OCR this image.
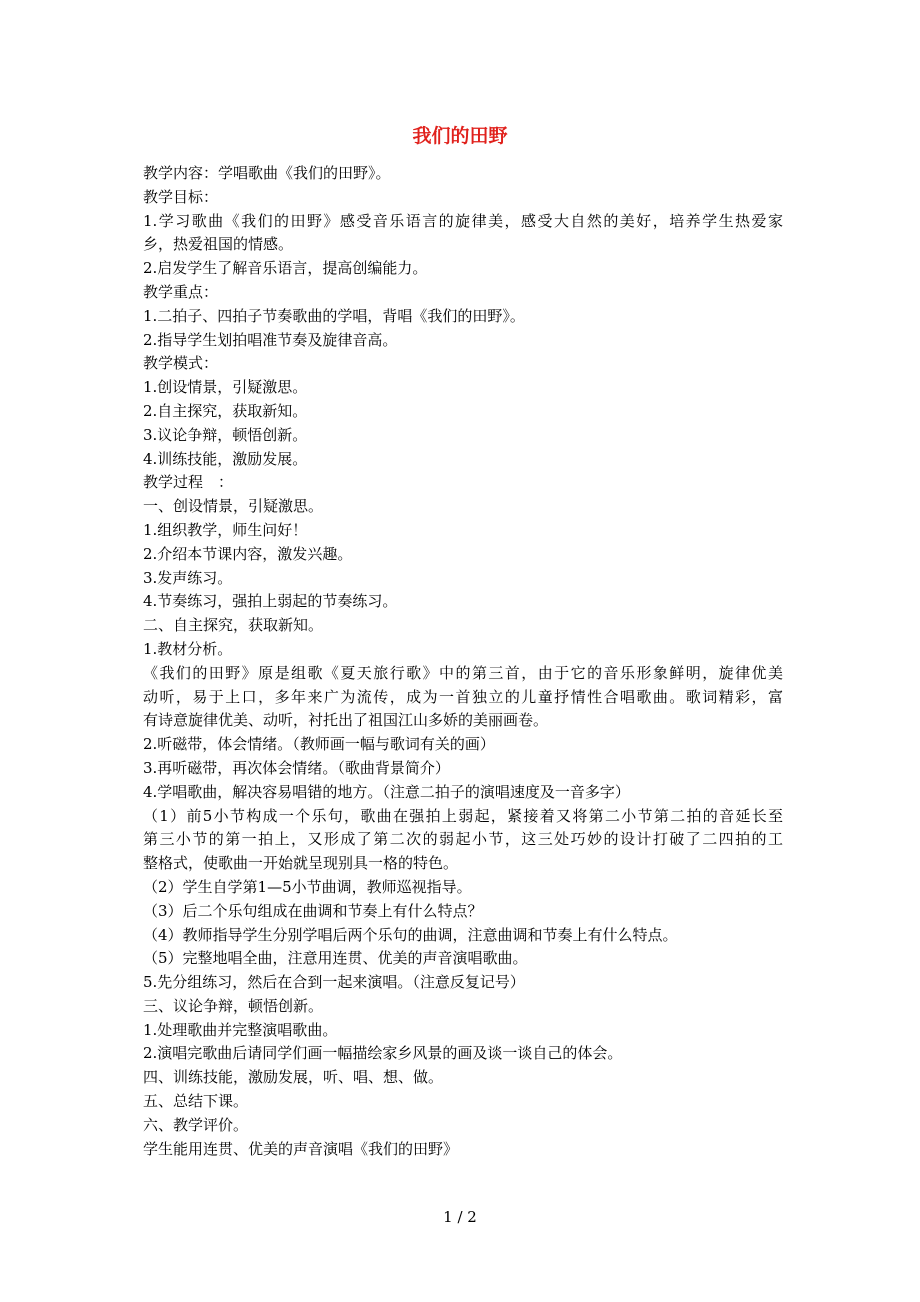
我们的田野

教学内容：学唱歌曲《我们的田野》。

教学目标：

1.学习歌曲《我们的田野》感受音乐语言的旋律美，感受大自然的美好，培养学生热爱家

乡，热爱祖国的情感。

2.启发学生了解音乐语言，提高创编能力。

教学重点：

1.二拍子、四拍子节奏歌曲的学唱，背唱《我们的田野》。

2.指导学生划拍唱准节奏及旋律音高。

教学模式：

1.创设情景，引疑激思。

2.自主探究，获取新知。

3.议论争辩，顿悟创新。

4.训练技能，激励发展。

教学过程　：

一、创设情景，引疑激思。

1.组织教学，师生问好！

2.介绍本节课内容，激发兴趣。

3.发声练习。

4.节奏练习，强拍上弱起的节奏练习。

二、自主探究，获取新知。

1.教材分析。

《我们的田野》原是组歌《夏天旅行歌》中的第三首，由于它的音乐形象鲜明，旋律优美

动听，易于上口，多年来广为流传，成为一首独立的儿童抒情性合唱歌曲。歌词精彩，富

有诗意旋律优美、动听，衬托出了祖国江山多娇的美丽画卷。

2.听磁带，体会情绪。（教师画一幅与歌词有关的画）

3.再听磁带，再次体会情绪。（歌曲背景简介）

4.学唱歌曲，解决容易唱错的地方。（注意二拍子的演唱速度及一音多字）

（1）前5小节构成一个乐句，歌曲在强拍上弱起，紧接着又将第二小节第二拍的音延长至

第三小节的第一拍上，又形成了第二次的弱起小节，这三处巧妙的设计打破了二四拍的工

整格式，使歌曲一开始就呈现别具一格的特色。

（2）学生自学第1—5小节曲调，教师巡视指导。

（3）后二个乐句组成在曲调和节奏上有什么特点？

（4）教师指导学生分别学唱后两个乐句的曲调，注意曲调和节奏上有什么特点。

（5）完整地唱全曲，注意用连贯、优美的声音演唱歌曲。

5.先分组练习，然后在合到一起来演唱。（注意反复记号）

三、议论争辩，顿悟创新。

1.处理歌曲并完整演唱歌曲。

2.演唱完歌曲后请同学们画一幅描绘家乡风景的画及谈一谈自己的体会。

四、训练技能，激励发展，听、唱、想、做。

五、总结下课。

六、教学评价。

学生能用连贯、优美的声音演唱《我们的田野》

1 / 2
